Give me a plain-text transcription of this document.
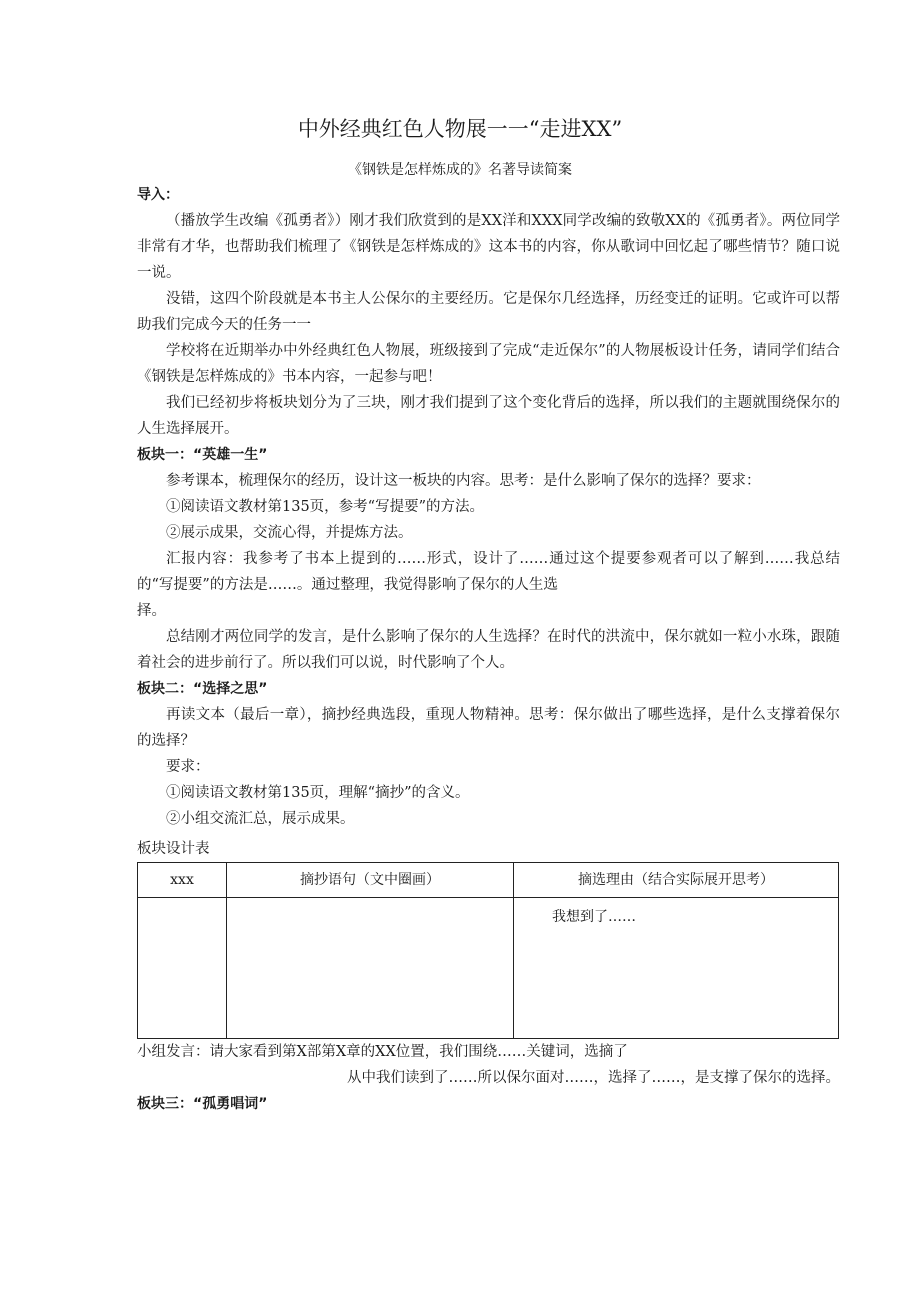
中外经典红色人物展一一“走进XX”
《钢铁是怎样炼成的》名著导读简案

导入：

（播放学生改编《孤勇者》）刚才我们欣赏到的是XX洋和XXX同学改编的致敬XX的《孤勇者》。两位同学非常有才华，也帮助我们梳理了《钢铁是怎样炼成的》这本书的内容，你从歌词中回忆起了哪些情节？随口说一说。

没错，这四个阶段就是本书主人公保尔的主要经历。它是保尔几经选择，历经变迁的证明。它或许可以帮助我们完成今天的任务一一

学校将在近期举办中外经典红色人物展，班级接到了完成“走近保尔”的人物展板设计任务，请同学们结合《钢铁是怎样炼成的》书本内容，一起参与吧！

我们已经初步将板块划分为了三块，刚才我们提到了这个变化背后的选择，所以我们的主题就围绕保尔的人生选择展开。

板块一：“英雄一生”

参考课本，梳理保尔的经历，设计这一板块的内容。思考：是什么影响了保尔的选择？要求：

①阅读语文教材第135页，参考“写提要”的方法。

②展示成果，交流心得，并提炼方法。

汇报内容：我参考了书本上提到的……形式，设计了……通过这个提要参观者可以了解到……我总结的“写提要”的方法是……。通过整理，我觉得影响了保尔的人生选

择。

总结刚才两位同学的发言，是什么影响了保尔的人生选择？在时代的洪流中，保尔就如一粒小水珠，跟随着社会的进步前行了。所以我们可以说，时代影响了个人。

板块二：“选择之思”

再读文本（最后一章），摘抄经典选段，重现人物精神。思考：保尔做出了哪些选择，是什么支撑着保尔的选择？

要求：

①阅读语文教材第135页，理解“摘抄”的含义。

②小组交流汇总，展示成果。

板块设计表

xxx	摘抄语句（文中圈画）	摘选理由（结合实际展开思考）
		我想到了……

小组发言：请大家看到第X部第X章的XX位置，我们围绕……关键词，选摘了

从中我们读到了……所以保尔面对……，选择了……，是支撑了保尔的选择。

板块三：“孤勇唱词”
